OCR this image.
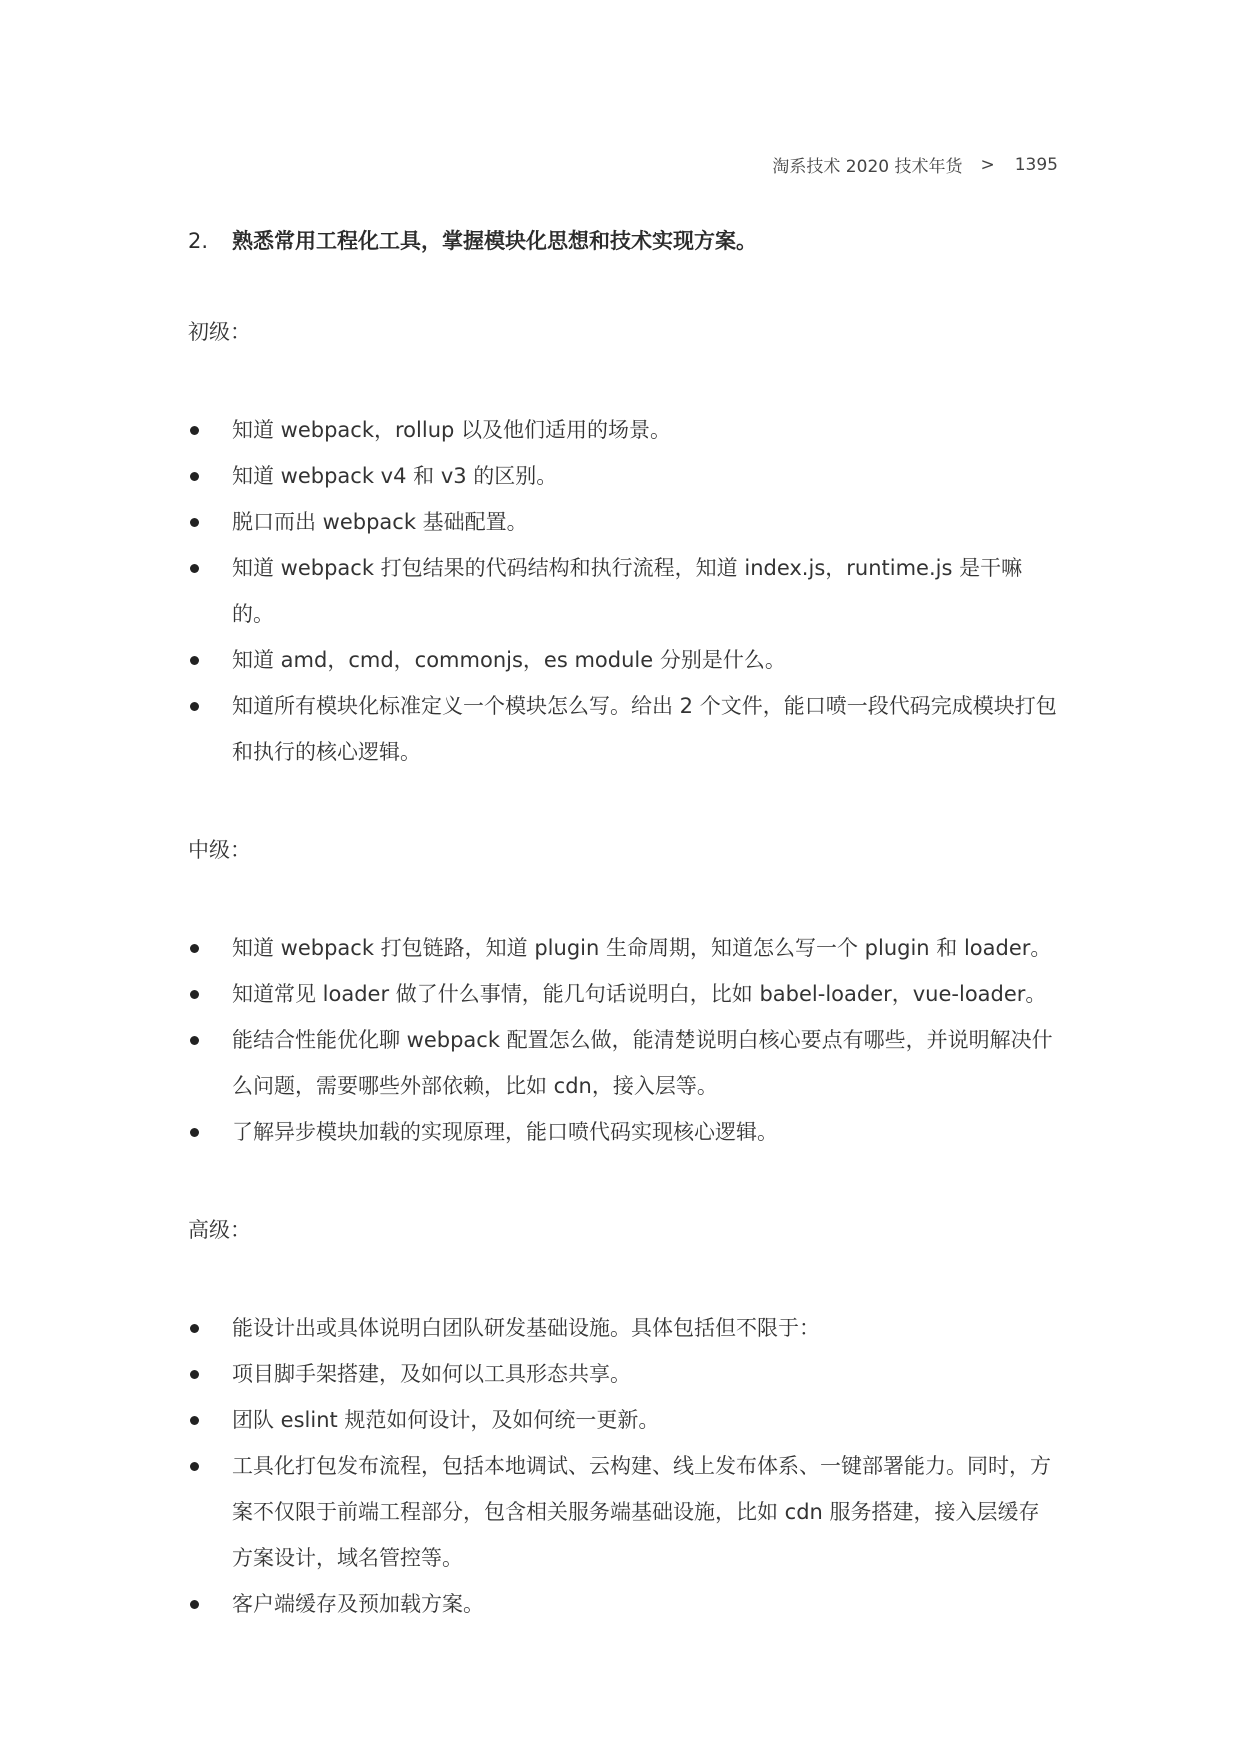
淘系技术 2020 技术年货 > 1395
2.	熟悉常用工程化工具，掌握模块化思想和技术实现方案。
初级：
知道 webpack，rollup 以及他们适用的场景。
知道 webpack v4 和 v3 的区别。
脱口而出 webpack 基础配置。
知道 webpack 打包结果的代码结构和执行流程，知道 index.js，runtime.js 是干嘛的。
知道 amd，cmd，commonjs，es module 分别是什么。
知道所有模块化标准定义一个模块怎么写。给出 2 个文件，能口喷一段代码完成模块打包和执行的核心逻辑。
中级：
知道 webpack 打包链路，知道 plugin 生命周期，知道怎么写一个 plugin 和 loader。
知道常见 loader 做了什么事情，能几句话说明白，比如 babel-loader，vue-loader。
能结合性能优化聊 webpack 配置怎么做，能清楚说明白核心要点有哪些，并说明解决什么问题，需要哪些外部依赖，比如 cdn，接入层等。
了解异步模块加载的实现原理，能口喷代码实现核心逻辑。
高级：
能设计出或具体说明白团队研发基础设施。具体包括但不限于：
项目脚手架搭建，及如何以工具形态共享。
团队 eslint 规范如何设计，及如何统一更新。
工具化打包发布流程，包括本地调试、云构建、线上发布体系、一键部署能力。同时，方案不仅限于前端工程部分，包含相关服务端基础设施，比如 cdn 服务搭建，接入层缓存方案设计，域名管控等。
客户端缓存及预加载方案。
